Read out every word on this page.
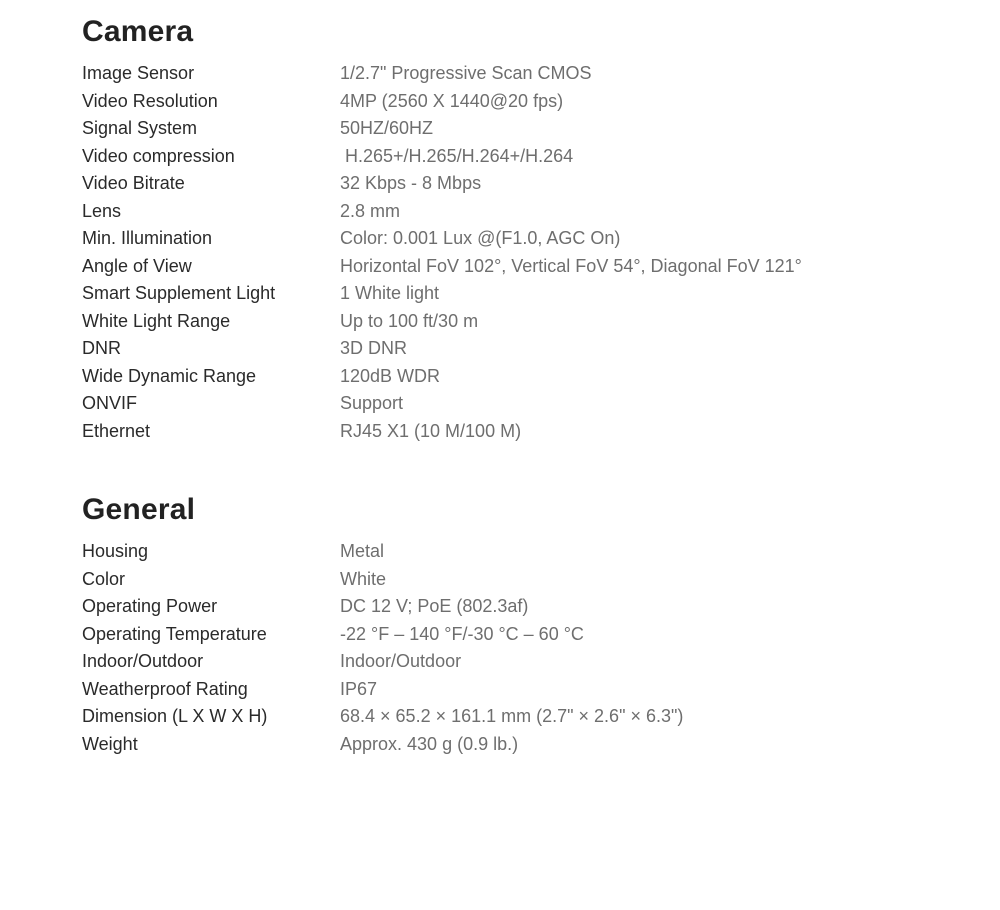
Camera
Image Sensor	1/2.7" Progressive Scan CMOS
Video Resolution	4MP (2560 X 1440@20 fps)
Signal System	50HZ/60HZ
Video compression	H.265+/H.265/H.264+/H.264
Video Bitrate	32 Kbps - 8 Mbps
Lens	2.8 mm
Min. Illumination	Color: 0.001 Lux @(F1.0, AGC On)
Angle of View	Horizontal FoV 102°, Vertical FoV 54°, Diagonal FoV 121°
Smart Supplement Light	1 White light
White Light Range	Up to 100 ft/30 m
DNR	3D DNR
Wide Dynamic Range	120dB WDR
ONVIF	Support
Ethernet	RJ45 X1 (10 M/100 M)
General
Housing	Metal
Color	White
Operating Power	DC 12 V; PoE (802.3af)
Operating Temperature	-22 °F – 140 °F/-30 °C – 60 °C
Indoor/Outdoor	Indoor/Outdoor
Weatherproof Rating	IP67
Dimension (L X W X H)	68.4 × 65.2 × 161.1 mm (2.7" × 2.6" × 6.3")
Weight	Approx. 430 g (0.9 lb.)
